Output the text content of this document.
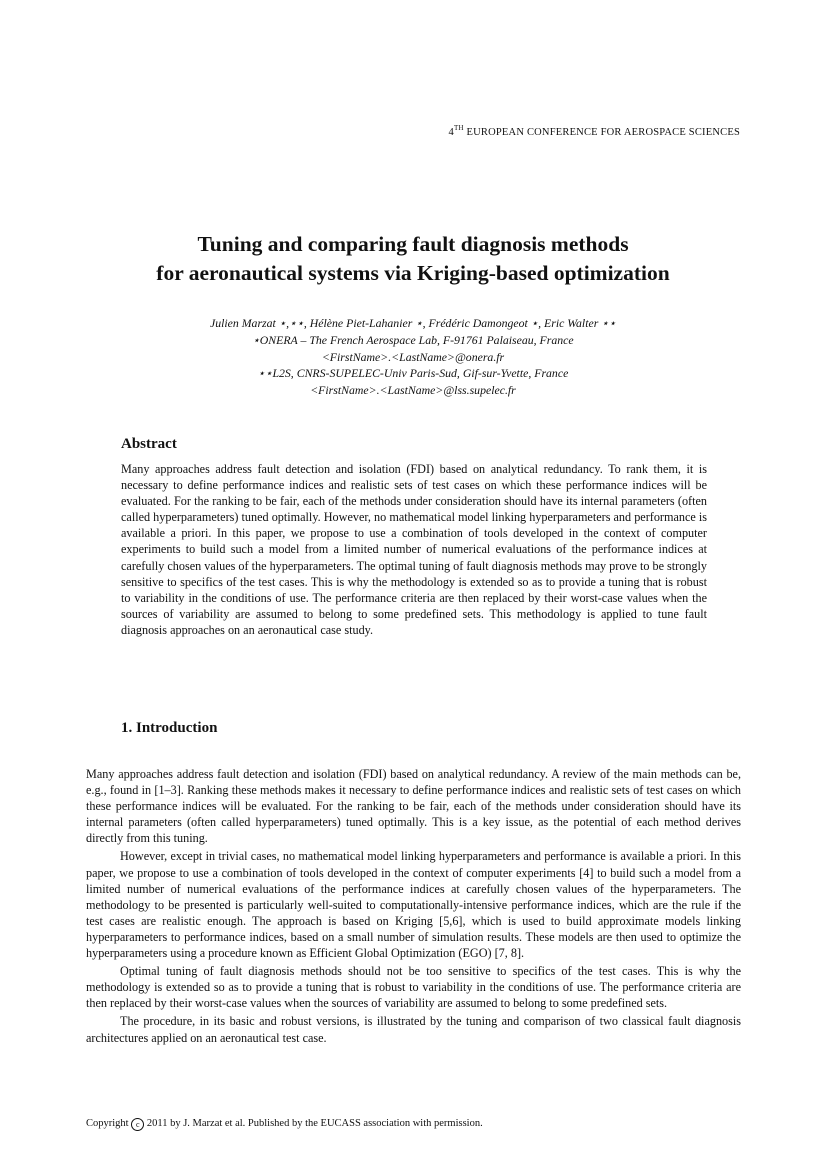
4TH EUROPEAN CONFERENCE FOR AEROSPACE SCIENCES
Tuning and comparing fault diagnosis methods
for aeronautical systems via Kriging-based optimization
Julien Marzat ⋆,⋆⋆, Hélène Piet-Lahanier ⋆, Frédéric Damongeot ⋆, Eric Walter ⋆⋆
⋆ONERA – The French Aerospace Lab, F-91761 Palaiseau, France
<FirstName>.<LastName>@onera.fr
⋆⋆L2S, CNRS-SUPELEC-Univ Paris-Sud, Gif-sur-Yvette, France
<FirstName>.<LastName>@lss.supelec.fr
Abstract
Many approaches address fault detection and isolation (FDI) based on analytical redundancy. To rank them, it is necessary to define performance indices and realistic sets of test cases on which these performance indices will be evaluated. For the ranking to be fair, each of the methods under consideration should have its internal parameters (often called hyperparameters) tuned optimally. However, no mathematical model linking hyperparameters and performance is available a priori. In this paper, we propose to use a combination of tools developed in the context of computer experiments to build such a model from a limited number of numerical evaluations of the performance indices at carefully chosen values of the hyperparameters. The optimal tuning of fault diagnosis methods may prove to be strongly sensitive to specifics of the test cases. This is why the methodology is extended so as to provide a tuning that is robust to variability in the conditions of use. The performance criteria are then replaced by their worst-case values when the sources of variability are assumed to belong to some predefined sets. This methodology is applied to tune fault diagnosis approaches on an aeronautical case study.
1. Introduction

Many approaches address fault detection and isolation (FDI) based on analytical redundancy. A review of the main methods can be, e.g., found in [1–3]. Ranking these methods makes it necessary to define performance indices and realistic sets of test cases on which these performance indices will be evaluated. For the ranking to be fair, each of the methods under consideration should have its internal parameters (often called hyperparameters) tuned optimally. This is a key issue, as the potential of each method derives directly from this tuning.

However, except in trivial cases, no mathematical model linking hyperparameters and performance is available a priori. In this paper, we propose to use a combination of tools developed in the context of computer experiments [4] to build such a model from a limited number of numerical evaluations of the performance indices at carefully chosen values of the hyperparameters. The methodology to be presented is particularly well-suited to computationally-intensive performance indices, which are the rule if the test cases are realistic enough. The approach is based on Kriging [5,6], which is used to build approximate models linking hyperparameters to performance indices, based on a small number of simulation results. These models are then used to optimize the hyperparameters using a procedure known as Efficient Global Optimization (EGO) [7, 8].

Optimal tuning of fault diagnosis methods should not be too sensitive to specifics of the test cases. This is why the methodology is extended so as to provide a tuning that is robust to variability in the conditions of use. The performance criteria are then replaced by their worst-case values when the sources of variability are assumed to belong to some predefined sets.

The procedure, in its basic and robust versions, is illustrated by the tuning and comparison of two classical fault diagnosis architectures applied on an aeronautical test case.

Copyright c 2011 by J. Marzat et al. Published by the EUCASS association with permission.
